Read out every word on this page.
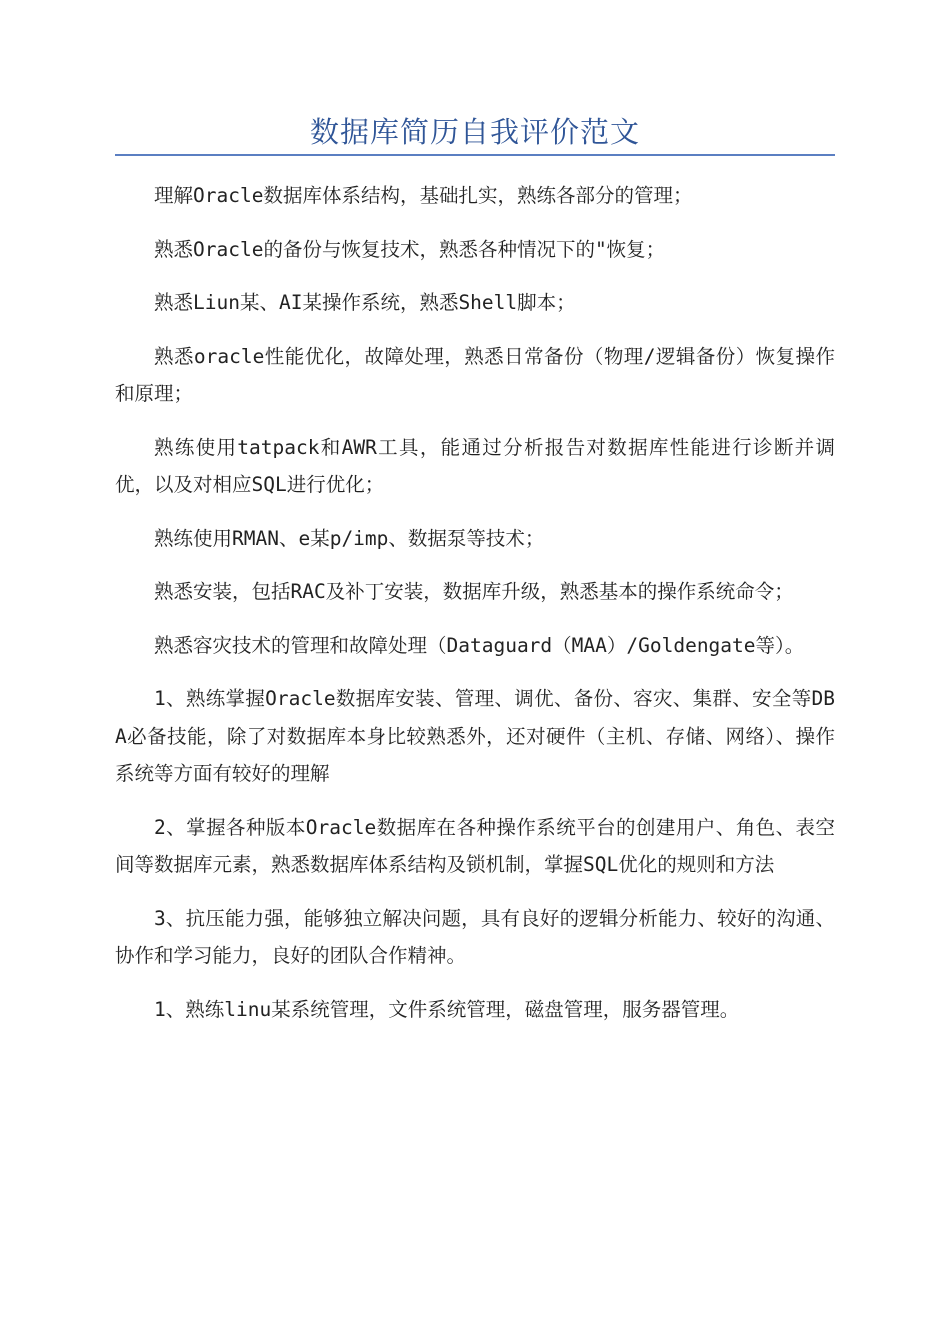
数据库简历自我评价范文

理解Oracle数据库体系结构，基础扎实，熟练各部分的管理；

熟悉Oracle的备份与恢复技术，熟悉各种情况下的"恢复；

熟悉Liun某、AI某操作系统，熟悉Shell脚本；

熟悉oracle性能优化，故障处理，熟悉日常备份（物理/逻辑备份）恢复操作和原理；

熟练使用tatpack和AWR工具，能通过分析报告对数据库性能进行诊断并调优，以及对相应SQL进行优化；

熟练使用RMAN、e某p/imp、数据泵等技术；

熟悉安装，包括RAC及补丁安装，数据库升级，熟悉基本的操作系统命令；

熟悉容灾技术的管理和故障处理（Dataguard（MAA）/Goldengate等）。

1、熟练掌握Oracle数据库安装、管理、调优、备份、容灾、集群、安全等DBA必备技能，除了对数据库本身比较熟悉外，还对硬件（主机、存储、网络）、操作系统等方面有较好的理解

2、掌握各种版本Oracle数据库在各种操作系统平台的创建用户、角色、表空间等数据库元素，熟悉数据库体系结构及锁机制，掌握SQL优化的规则和方法

3、抗压能力强，能够独立解决问题，具有良好的逻辑分析能力、较好的沟通、协作和学习能力，良好的团队合作精神。

1、熟练linu某系统管理，文件系统管理，磁盘管理，服务器管理。
